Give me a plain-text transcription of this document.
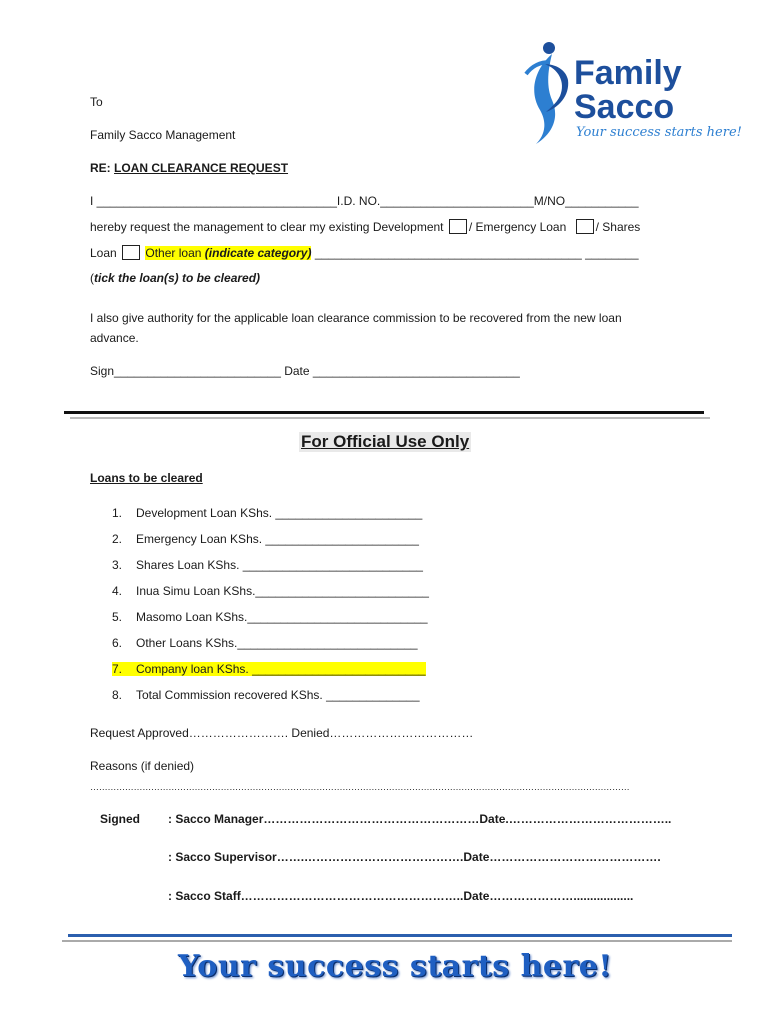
Family
Sacco
Your success starts here!
To
Family Sacco Management
RE: LOAN CLEARANCE REQUEST
I ____________________________________I.D. NO._______________________M/NO___________
hereby request the management to clear my existing Development / Emergency Loan / Shares
Loan Other loan (indicate category) ________________________________________ ________
(tick the loan(s) to be cleared)
I also give authority for the applicable loan clearance commission to be recovered from the new loan
advance.
Sign_________________________ Date _______________________________
For Official Use Only
Loans to be cleared
1. Development Loan KShs. ______________________
2. Emergency Loan KShs. _______________________
3. Shares Loan KShs. ___________________________
4. Inua Simu Loan KShs.__________________________
5. Masomo Loan KShs.___________________________
6. Other Loans KShs.___________________________
7. Company loan KShs. __________________________
8. Total Commission recovered KShs. ______________
Request Approved……………………. Denied………………………………
Reasons (if denied)
……………………………………………………………………………………………………………………………………………………………………
Signed : Sacco Manager………………………………………………Date.…………………………………..
: Sacco Supervisor…….………………………………….Date…………………………………….
: Sacco Staff………………………………………………..Date…………………..................
Your success starts here!
